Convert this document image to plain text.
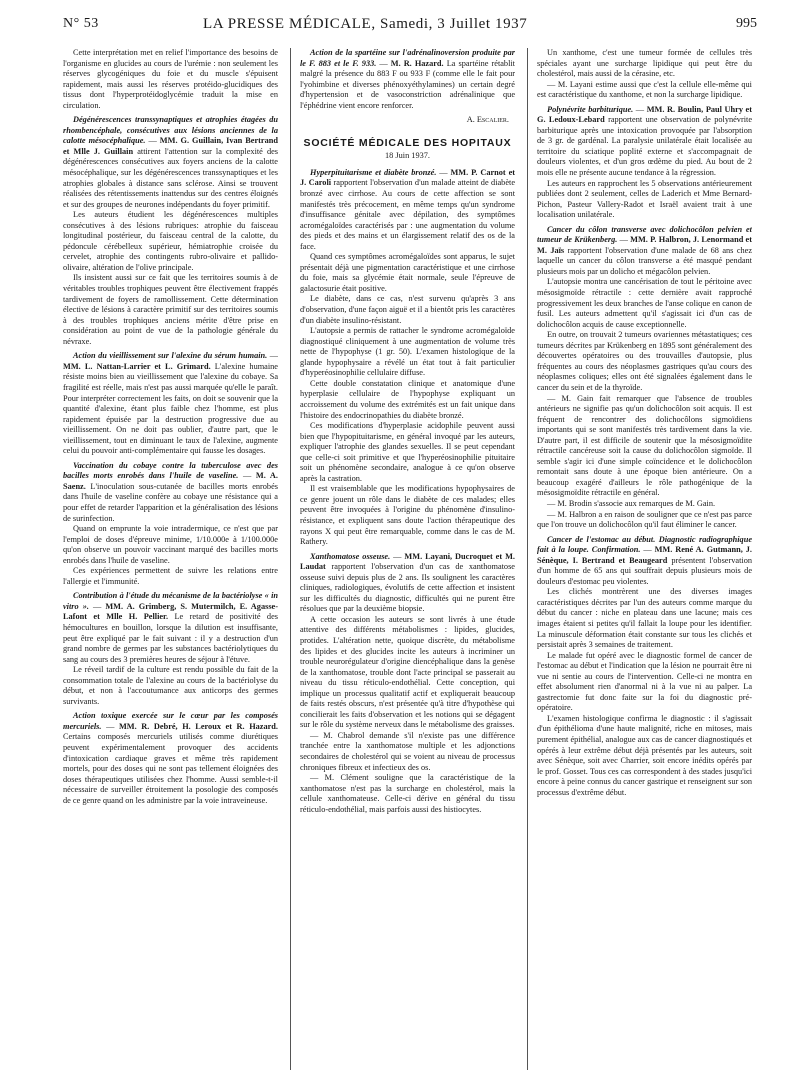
N° 53	LA PRESSE MÉDICALE, Samedi, 3 Juillet 1937	995

Cette interprétation met en relief l'importance des besoins de l'organisme en glucides au cours de l'urémie : non seulement les réserves glycogéniques du foie et du muscle s'épuisent rapidement, mais aussi les réserves protéido-glucidiques des tissus dont l'hyperprotéidoglycémie traduit la mise en circulation.

Dégénérescences transsynaptiques et atrophies étagées du rhombencéphale, consécutives aux lésions anciennes de la calotte mésocéphalique. — MM. G. Guillain, Ivan Bertrand et Mlle J. Guillain attirent l'attention sur la complexité des dégénérescences consécutives aux foyers anciens de la calotte mésocéphalique, sur les dégénérescences transsynaptiques et les atrophies globales à distance sans sclérose. Ainsi se trouvent réalisées des rétentissements inattendus sur des centres éloignés et sur des groupes de neurones indépendants du foyer primitif.

Les auteurs étudient les dégénérescences multiples consécutives à des lésions rubriques: atrophie du faisceau longitudinal postérieur, du faisceau central de la calotte, du pédoncule cérébelleux supérieur, hémiatrophie croisée du cervelet, atrophie des contingents rubro-olivaire et pallido-olivaire, altération de l'olive principale.

Ils insistent aussi sur ce fait que les territoires soumis à de véritables troubles trophiques peuvent être électivement frappés tardivement de foyers de ramollissement. Cette détermination élective de lésions à caractère primitif sur des territoires soumis à des troubles trophiques anciens mérite d'être prise en considération au point de vue de la pathologie générale du névraxe.

Action du vieillissement sur l'alexine du sérum humain. — MM. L. Nattan-Larrier et L. Grimard. L'alexine humaine résiste moins bien au vieillissement que l'alexine du cobaye. Sa fragilité est réelle, mais n'est pas aussi marquée qu'elle le paraît. Pour interpréter correctement les faits, on doit se souvenir que la quantité d'alexine, étant plus faible chez l'homme, est plus rapidement épuisée par la destruction progressive due au vieillissement. On ne doit pas oublier, d'autre part, que le vieillissement, tout en diminuant le taux de l'alexine, augmente celui du pouvoir anti-complémentaire qui fausse les dosages.

Vaccination du cobaye contre la tuberculose avec des bacilles morts enrobés dans l'huile de vaseline. — M. A. Saenz. L'inoculation sous-cutanée de bacilles morts enrobés dans l'huile de vaseline confère au cobaye une résistance qui a pour effet de retarder l'apparition et la généralisation des lésions de surinfection.

Quand on emprunte la voie intradermique, ce n'est que par l'emploi de doses d'épreuve minime, 1/10.000e à 1/100.000e qu'on observe un pouvoir vaccinant marqué des bacilles morts enrobés dans l'huile de vaseline.

Ces expériences permettent de suivre les relations entre l'allergie et l'immunité.

Contribution à l'étude du mécanisme de la bactériolyse « in vitro ». — MM. A. Grimberg, S. Mutermilch, E. Agasse-Lafont et Mlle H. Pellier. Le retard de positivité des hémocultures en bouillon, lorsque la dilution est insuffisante, peut être expliqué par le fait suivant : il y a destruction d'un grand nombre de germes par les substances bactériolytiques du sang au cours des 3 premières heures de séjour à l'étuve.

Le réveil tardif de la culture est rendu possible du fait de la consommation totale de l'alexine au cours de la bactériolyse du début, et non à l'accoutumance aux anticorps des germes survivants.

Action toxique exercée sur le cœur par les composés mercuriels. — MM. R. Debré, H. Leroux et R. Hazard. Certains composés mercuriels utilisés comme diurétiques peuvent expérimentalement provoquer des accidents d'intoxication cardiaque graves et même très rapidement mortels, pour des doses qui ne sont pas tellement éloignées des doses thérapeutiques utilisées chez l'homme. Aussi semble-t-il nécessaire de surveiller étroitement la posologie des composés de ce genre quand on les administre par la voie intraveineuse.

Action de la spartéine sur l'adrénalinoversion produite par le F. 883 et le F. 933. — M. R. Hazard. La spartéine rétablit malgré la présence du 883 F ou 933 F (comme elle le fait pour l'yohimbine et diverses phénoxyéthylamines) un certain degré d'hypertension et de vasoconstriction adrénalinique que l'éphédrine vient encore renforcer.

A. Escalier.
SOCIÉTÉ MÉDICALE DES HOPITAUX
18 Juin 1937.

Hyperpituitarisme et diabète bronzé. — MM. P. Carnot et J. Caroli rapportent l'observation d'un malade atteint de diabète bronzé avec cirrhose. Au cours de cette affection se sont manifestés très précocement, en même temps qu'un syndrome d'insuffisance génitale avec dépilation, des symptômes acromégaloïdes caractérisés par : une augmentation du volume des pieds et des mains et un élargissement relatif des os de la face.

Quand ces symptômes acromégaloïdes sont apparus, le sujet présentait déjà une pigmentation caractéristique et une cirrhose du foie, mais sa glycémie était normale, seule l'épreuve de galactosurie était positive.

Le diabète, dans ce cas, n'est survenu qu'après 3 ans d'observation, d'une façon aiguë et il a bientôt pris les caractères d'un diabète insulino-résistant.

L'autopsie a permis de rattacher le syndrome acromégaloïde diagnostiqué cliniquement à une augmentation de volume très nette de l'hypophyse (1 gr. 50). L'examen histologique de la glande hypophysaire a révélé un état tout à fait particulier d'hyperéosinophilie cellulaire diffuse.

Cette double constatation clinique et anatomique d'une hyperplasie cellulaire de l'hypophyse expliquant un accroissement du volume des extrémités est un fait unique dans l'histoire des endocrinopathies du diabète bronzé.

Ces modifications d'hyperplasie acidophile peuvent aussi bien que l'hypopituitarisme, en général invoqué par les auteurs, expliquer l'atrophie des glandes sexuelles. Il se peut cependant que celle-ci soit primitive et que l'hyperéosinophilie pituitaire soit un phénomène secondaire, analogue à ce qu'on observe après la castration.

Il est vraisemblable que les modifications hypophysaires de ce genre jouent un rôle dans le diabète de ces malades; elles peuvent être invoquées à l'origine du phénomène d'insulino-résistance, et expliquent sans doute l'action thérapeutique des rayons X qui peut être remarquable, comme dans le cas de M. Rathery.

Xanthomatose osseuse. — MM. Layani, Ducroquet et M. Laudat rapportent l'observation d'un cas de xanthomatose osseuse suivi depuis plus de 2 ans. Ils soulignent les caractères cliniques, radiologiques, évolutifs de cette affection et insistent sur les difficultés du diagnostic, difficultés qui ne purent être résolues que par la deuxième biopsie.

A cette occasion les auteurs se sont livrés à une étude attentive des différents métabolismes : lipides, glucides, protides. L'altération nette, quoique discrète, du métabolisme des lipides et des glucides incite les auteurs à incriminer un trouble neurorégulateur d'origine diencéphalique dans la genèse de la xanthomatose, trouble dont l'acte principal se passerait au niveau du tissu réticulo-endothélial. Cette conception, qui implique un processus qualitatif actif et expliquerait beaucoup de faits restés obscurs, n'est présentée qu'à titre d'hypothèse qui concilierait les faits d'observation et les notions qui se dégagent sur le rôle du système nerveux dans le métabolisme des graisses.

— M. Chabrol demande s'il n'existe pas une différence tranchée entre la xanthomatose multiple et les adjonctions secondaires de cholestérol qui se voient au niveau de processus chroniques fibreux et infectieux des os.

— M. Clément souligne que la caractéristique de la xanthomatose n'est pas la surcharge en cholestérol, mais la cellule xanthomateuse. Celle-ci dérive en général du tissu réticulo-endothélial, mais parfois aussi des histiocytes.

Un xanthome, c'est une tumeur formée de cellules très spéciales ayant une surcharge lipidique qui peut être du cholestérol, mais aussi de la cérasine, etc.

— M. Layani estime aussi que c'est la cellule elle-même qui est caractéristique du xanthome, et non la surcharge lipidique.

Polynévrite barbiturique. — MM. R. Boulin, Paul Uhry et G. Ledoux-Lebard rapportent une observation de polynévrite barbiturique après une intoxication provoquée par l'absorption de 3 gr. de gardénal. La paralysie unilatérale était localisée au territoire du sciatique poplité externe et s'accompagnait de douleurs violentes, et d'un gros œdème du pied. Au bout de 2 mois elle ne présente aucune tendance à la régression.

Les auteurs en rapprochent les 5 observations antérieurement publiées dont 2 seulement, celles de Laderich et Mme Bernard-Pichon, Pasteur Vallery-Radot et Israël avaient trait à une localisation unilatérale.

Cancer du côlon transverse avec dolichocôlon pelvien et tumeur de Krükenberg. — MM. P. Halbron, J. Lenormand et M. Jaïs rapportent l'observation d'une malade de 68 ans chez laquelle un cancer du côlon transverse a été masqué pendant plusieurs mois par un dolicho et mégacôlon pelvien.

L'autopsie montra une cancérisation de tout le péritoine avec mésosigmoïde rétractile : cette dernière avait rapproché progressivement les deux branches de l'anse colique en canon de fusil. Les auteurs admettent qu'il s'agissait ici d'un cas de dolichocôlon acquis de cause exceptionnelle.

En outre, on trouvait 2 tumeurs ovariennes métastatiques; ces tumeurs décrites par Krükenberg en 1895 sont généralement des découvertes opératoires ou des trouvailles d'autopsie, plus fréquentes au cours des néoplasmes gastriques qu'au cours des néoplasmes coliques; elles ont été signalées également dans le cancer du sein et de la thyroïde.

— M. Gain fait remarquer que l'absence de troubles antérieurs ne signifie pas qu'un dolichocôlon soit acquis. Il est fréquent de rencontrer des dolichocôlons sigmoïdiens importants qui se sont manifestés très tardivement dans la vie. D'autre part, il est difficile de soutenir que la mésosigmoïdite rétractile cancéreuse soit la cause du dolichocôlon sigmoïde. Il semble s'agir ici d'une simple coïncidence et le dolichocôlon remontait sans doute à une époque bien antérieure. On a beaucoup exagéré d'ailleurs le rôle pathogénique de la mésosigmoïdite rétractile en général.

— M. Brodin s'associe aux remarques de M. Gain.

— M. Halbron a en raison de souligner que ce n'est pas parce que l'on trouve un dolichocôlon qu'il faut éliminer le cancer.

Cancer de l'estomac au début. Diagnostic radiographique fait à la loupe. Confirmation. — MM. René A. Gutmann, J. Sénèque, I. Bertrand et Beaugeard présentent l'observation d'un homme de 65 ans qui souffrait depuis plusieurs mois de douleurs d'estomac peu violentes.

Les clichés montrèrent une des diverses images caractéristiques décrites par l'un des auteurs comme marque du début du cancer : niche en plateau dans une lacune; mais ces images étaient si petites qu'il fallait la loupe pour les identifier. La minuscule déformation était constante sur tous les clichés et persistait après 3 semaines de traitement.

Le malade fut opéré avec le diagnostic formel de cancer de l'estomac au début et l'indication que la lésion ne pourrait être ni vue ni sentie au cours de l'intervention. Celle-ci ne montra en effet absolument rien d'anormal ni à la vue ni au palper. La gastrectomie fut donc faite sur la foi du diagnostic pré-opératoire.

L'examen histologique confirma le diagnostic : il s'agissait d'un épithélioma d'une haute malignité, riche en mitoses, mais purement épithélial, analogue aux cas de cancer diagnostiqués et opérés à leur extrême début déjà présentés par les auteurs, soit avec Sénèque, soit avec Charrier, soit encore inédits opérés par le prof. Gosset. Tous ces cas correspondent à des stades jusqu'ici encore à peine connus du cancer gastrique et renseignent sur son processus d'extrême début.
